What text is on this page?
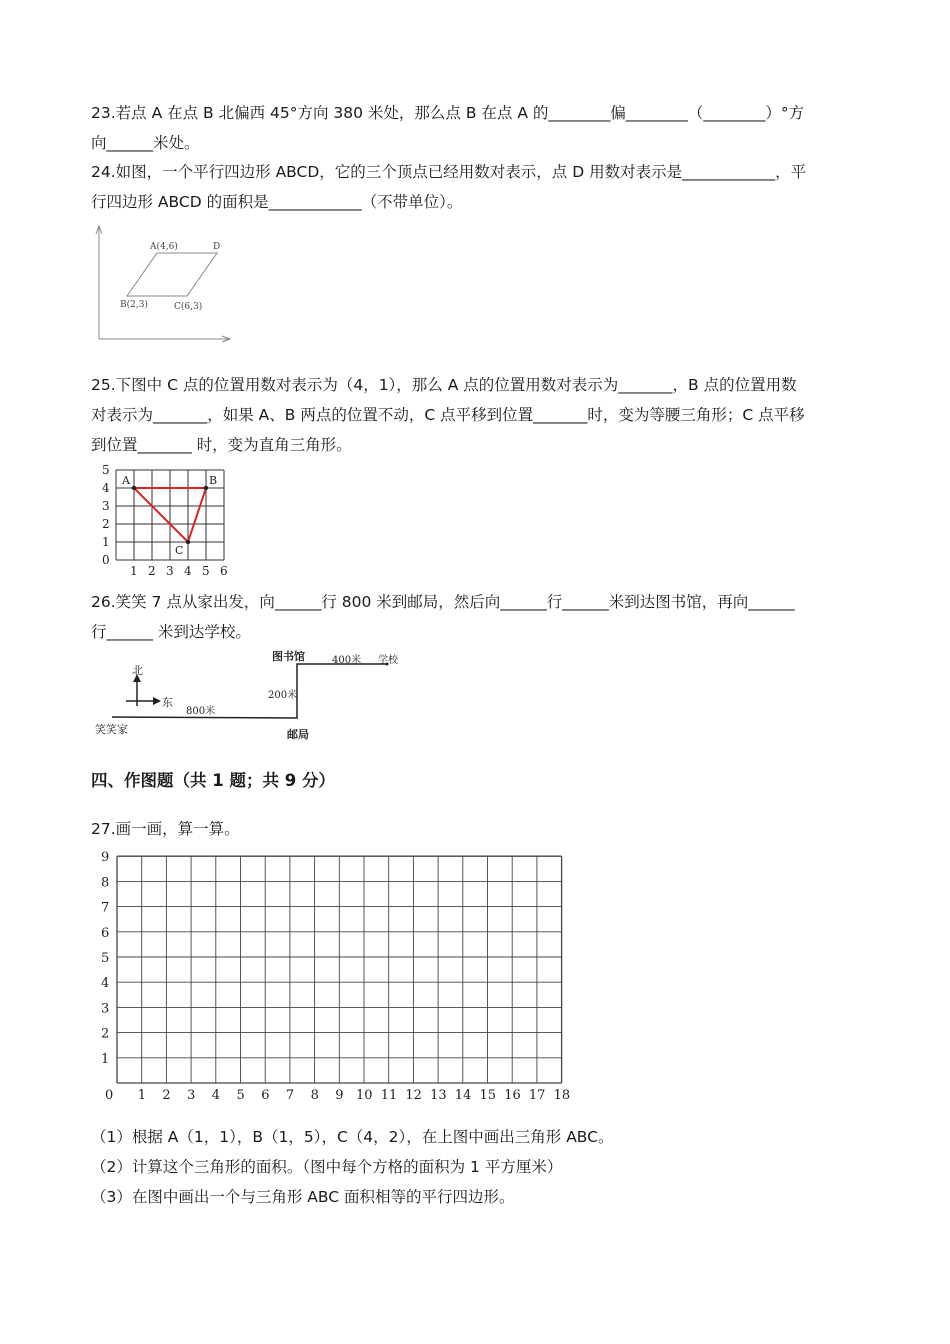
23.若点 A 在点 B 北偏西 45°方向 380 米处，那么点 B 在点 A 的________偏________（________）°方
向______米处。
24.如图，一个平行四边形 ABCD，它的三个顶点已经用数对表示，点 D 用数对表示是____________，平
行四边形 ABCD 的面积是____________（不带单位）。
A(4,6)	D
B(2,3)	C(6,3)
25.下图中 C 点的位置用数对表示为（4，1），那么 A 点的位置用数对表示为_______，B 点的位置用数
对表示为_______，如果 A、B 两点的位置不动，C 点平移到位置_______时，变为等腰三角形；C 点平移
到位置_______ 时，变为直角三角形。
0
1
2
3
4
5
1 2 3 4 5 6
A	B
C
26.笑笑 7 点从家出发，向______行 800 米到邮局，然后向______行______米到达图书馆，再向______
行______ 米到达学校。
北
东
笑笑家
800米
邮局
200米
图书馆	400米 学校
四、作图题（共 1 题；共 9 分）
27.画一画，算一算。
1
2
3
4
5
6
7
8
9
0 1 2 3 4 5 6 7 8 9 10 11 12 13 14 15 16 17 18
（1）根据 A（1，1），B（1，5），C（4，2），在上图中画出三角形 ABC。
（2）计算这个三角形的面积。（图中每个方格的面积为 1 平方厘米）
（3）在图中画出一个与三角形 ABC 面积相等的平行四边形。
